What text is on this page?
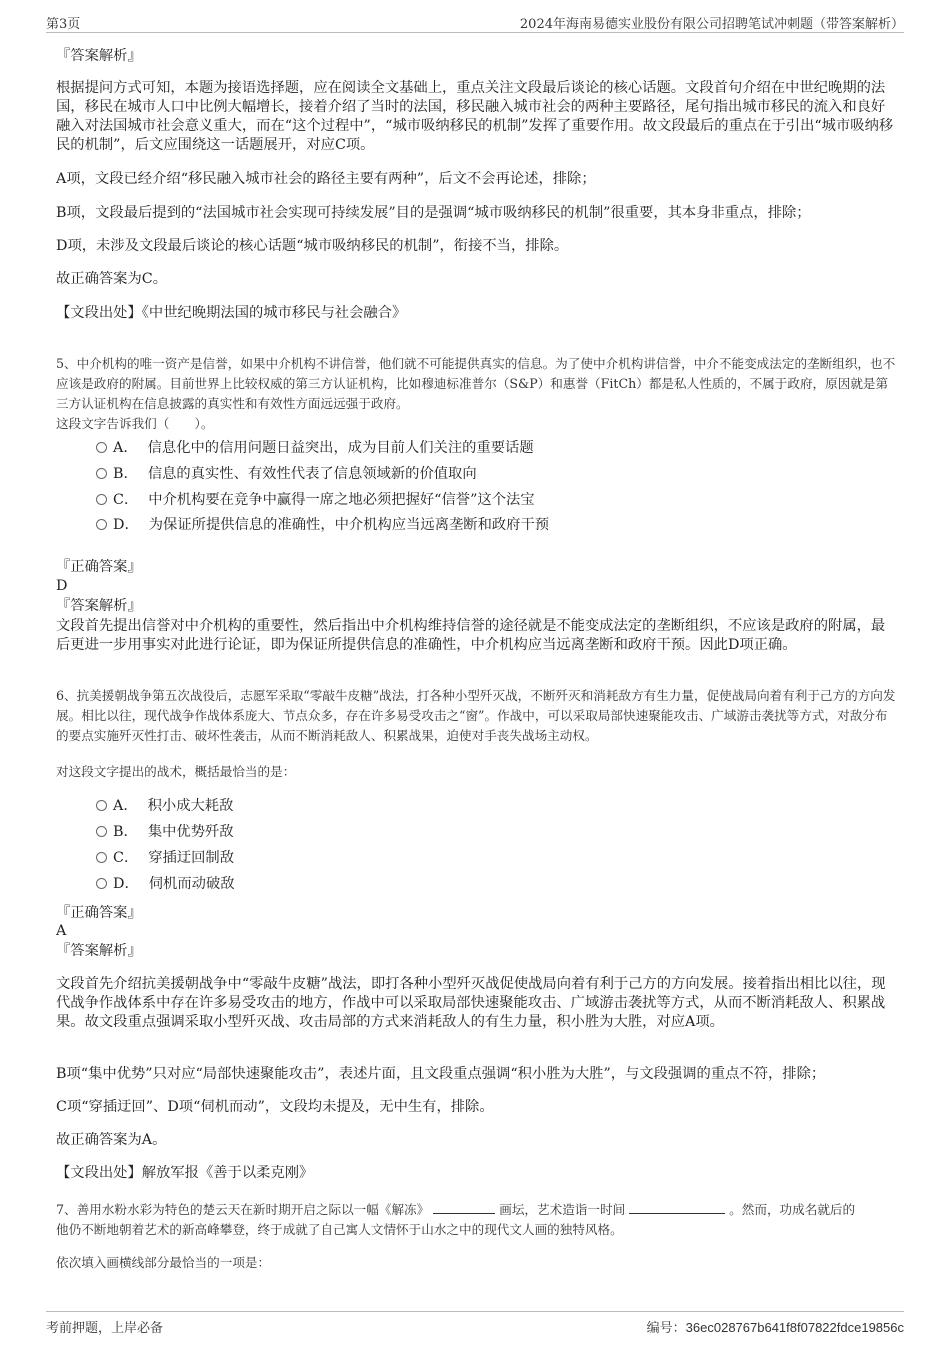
第3页	2024年海南易德实业股份有限公司招聘笔试冲刺题（带答案解析）
『答案解析』
根据提问方式可知，本题为接语选择题，应在阅读全文基础上，重点关注文段最后谈论的核心话题。文段首句介绍在中世纪晚期的法国，移民在城市人口中比例大幅增长，接着介绍了当时的法国，移民融入城市社会的两种主要路径，尾句指出城市移民的流入和良好融入对法国城市社会意义重大，而在“这个过程中”，“城市吸纳移民的机制”发挥了重要作用。故文段最后的重点在于引出“城市吸纳移民的机制”，后文应围绕这一话题展开，对应C项。
A项，文段已经介绍“移民融入城市社会的路径主要有两种”，后文不会再论述，排除；
B项，文段最后提到的“法国城市社会实现可持续发展”目的是强调“城市吸纳移民的机制”很重要，其本身非重点，排除；
D项，未涉及文段最后谈论的核心话题“城市吸纳移民的机制”，衔接不当，排除。
故正确答案为C。
【文段出处】《中世纪晚期法国的城市移民与社会融合》
5、中介机构的唯一资产是信誉，如果中介机构不讲信誉，他们就不可能提供真实的信息。为了使中介机构讲信誉，中介不能变成法定的垄断组织，也不应该是政府的附属。目前世界上比较权威的第三方认证机构，比如穆迪标准普尔（S&P）和惠誉（FitCh）都是私人性质的，不属于政府，原因就是第三方认证机构在信息披露的真实性和有效性方面远远强于政府。
这段文字告诉我们（　　）。
A． 信息化中的信用问题日益突出，成为目前人们关注的重要话题
B． 信息的真实性、有效性代表了信息领域新的价值取向
C． 中介机构要在竞争中赢得一席之地必须把握好“信誉”这个法宝
D． 为保证所提供信息的准确性，中介机构应当远离垄断和政府干预
『正确答案』
D
『答案解析』
文段首先提出信誉对中介机构的重要性，然后指出中介机构维持信誉的途径就是不能变成法定的垄断组织，不应该是政府的附属，最后更进一步用事实对此进行论证，即为保证所提供信息的准确性，中介机构应当远离垄断和政府干预。因此D项正确。
6、抗美援朝战争第五次战役后，志愿军采取“零敲牛皮糖”战法，打各种小型歼灭战，不断歼灭和消耗敌方有生力量，促使战局向着有利于己方的方向发展。相比以往，现代战争作战体系庞大、节点众多，存在许多易受攻击之“窗”。作战中，可以采取局部快速聚能攻击、广域游击袭扰等方式，对敌分布的要点实施歼灭性打击、破坏性袭击，从而不断消耗敌人、积累战果，迫使对手丧失战场主动权。
对这段文字提出的战术，概括最恰当的是：
A． 积小成大耗敌
B． 集中优势歼敌
C． 穿插迂回制敌
D． 伺机而动破敌
『正确答案』
A
『答案解析』
文段首先介绍抗美援朝战争中“零敲牛皮糖”战法，即打各种小型歼灭战促使战局向着有利于己方的方向发展。接着指出相比以往，现代战争作战体系中存在许多易受攻击的地方，作战中可以采取局部快速聚能攻击、广域游击袭扰等方式，从而不断消耗敌人、积累战果。故文段重点强调采取小型歼灭战、攻击局部的方式来消耗敌人的有生力量，积小胜为大胜，对应A项。
B项“集中优势”只对应“局部快速聚能攻击”，表述片面，且文段重点强调“积小胜为大胜”，与文段强调的重点不符，排除；
C项“穿插迂回”、D项“伺机而动”，文段均未提及，无中生有，排除。
故正确答案为A。
【文段出处】解放军报《善于以柔克刚》
7、善用水粉水彩为特色的楚云天在新时期开启之际以一幅《解冻》	画坛，艺术造诣一时间	。然而，功成名就后的
他仍不断地朝着艺术的新高峰攀登，终于成就了自己寓人文情怀于山水之中的现代文人画的独特风格。
依次填入画横线部分最恰当的一项是：
考前押题，上岸必备	编号：36ec028767b641f8f07822fdce19856c
